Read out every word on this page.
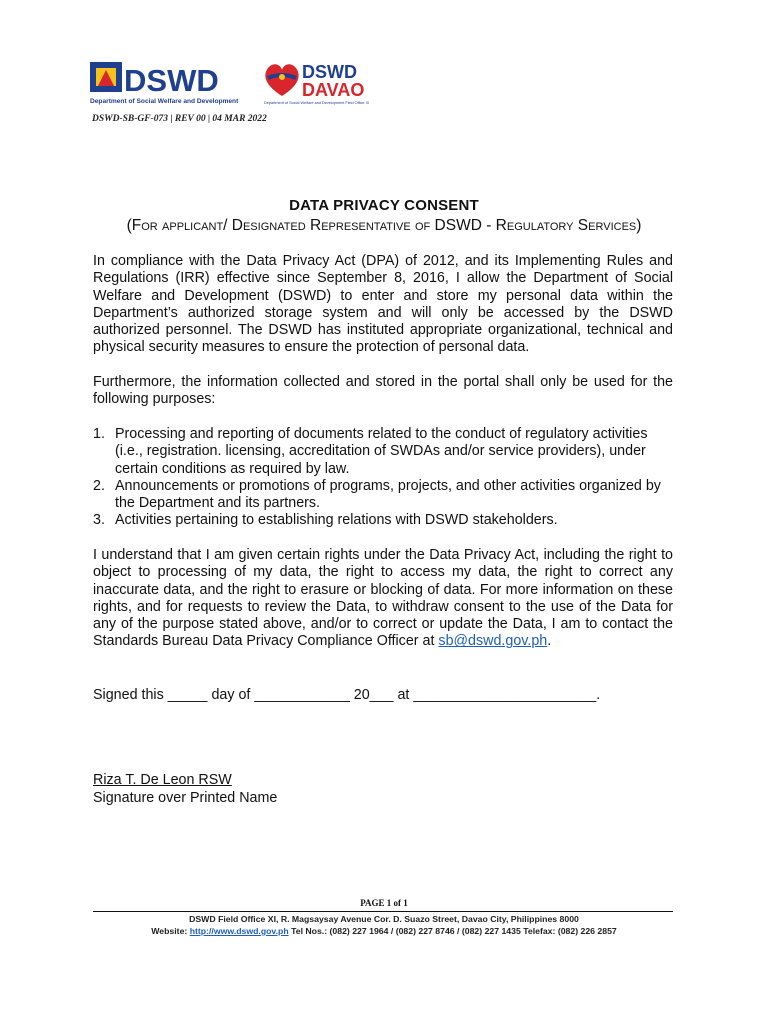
DSWD
Department of Social Welfare and Development
DSWD
DAVAO
Department of Social Welfare and Development Field Office XI
DSWD-SB-GF-073 | REV 00 | 04 MAR 2022
DATA PRIVACY CONSENT
(For applicant/ Designated Representative of DSWD - Regulatory Services)
In compliance with the Data Privacy Act (DPA) of 2012, and its Implementing Rules and Regulations (IRR) effective since September 8, 2016, I allow the Department of Social Welfare and Development (DSWD) to enter and store my personal data within the Department’s authorized storage system and will only be accessed by the DSWD authorized personnel. The DSWD has instituted appropriate organizational, technical and physical security measures to ensure the protection of personal data.
Furthermore, the information collected and stored in the portal shall only be used for the following purposes:
1. Processing and reporting of documents related to the conduct of regulatory activities (i.e., registration. licensing, accreditation of SWDAs and/or service providers), under certain conditions as required by law.
2. Announcements or promotions of programs, projects, and other activities organized by the Department and its partners.
3. Activities pertaining to establishing relations with DSWD stakeholders.
I understand that I am given certain rights under the Data Privacy Act, including the right to object to processing of my data, the right to access my data, the right to correct any inaccurate data, and the right to erasure or blocking of data. For more information on these rights, and for requests to review the Data, to withdraw consent to the use of the Data for any of the purpose stated above, and/or to correct or update the Data, I am to contact the Standards Bureau Data Privacy Compliance Officer at sb@dswd.gov.ph.
Signed this _____ day of ____________ 20___ at _______________________.
Riza T. De Leon RSW
Signature over Printed Name
PAGE 1 of 1
DSWD Field Office XI, R. Magsaysay Avenue Cor. D. Suazo Street, Davao City, Philippines 8000
Website: http://www.dswd.gov.ph Tel Nos.: (082) 227 1964 / (082) 227 8746 / (082) 227 1435 Telefax: (082) 226 2857
